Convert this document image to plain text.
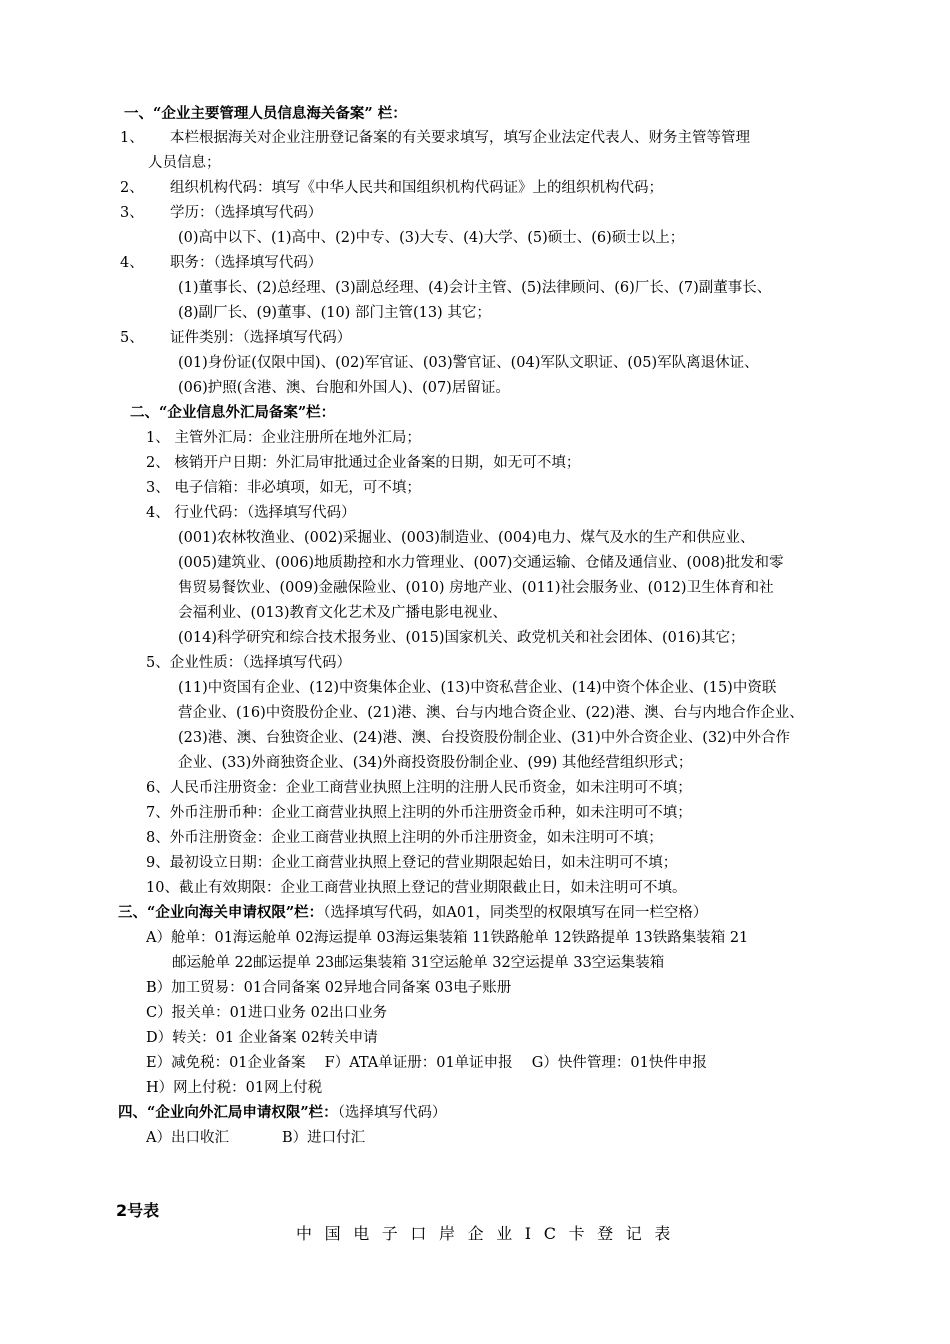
一、“企业主要管理人员信息海关备案” 栏：
1、 本栏根据海关对企业注册登记备案的有关要求填写，填写企业法定代表人、财务主管等管理
人员信息；
2、 组织机构代码：填写《中华人民共和国组织机构代码证》上的组织机构代码；
3、 学历：（选择填写代码）
(0)高中以下、(1)高中、(2)中专、(3)大专、(4)大学、(5)硕士、(6)硕士以上；
4、 职务：（选择填写代码）
(1)董事长、(2)总经理、(3)副总经理、(4)会计主管、(5)法律顾问、(6)厂长、(7)副董事长、
(8)副厂长、(9)董事、(10) 部门主管(13) 其它；
5、 证件类别：（选择填写代码）
(01)身份证(仅限中国)、(02)军官证、(03)警官证、(04)军队文职证、(05)军队离退休证、
(06)护照(含港、澳、台胞和外国人)、(07)居留证。
二、“企业信息外汇局备案”栏：
1、 主管外汇局：企业注册所在地外汇局；
2、 核销开户日期：外汇局审批通过企业备案的日期，如无可不填；
3、 电子信箱：非必填项，如无，可不填；
4、 行业代码：（选择填写代码）
(001)农林牧渔业、(002)采掘业、(003)制造业、(004)电力、煤气及水的生产和供应业、
(005)建筑业、(006)地质勘控和水力管理业、(007)交通运输、仓储及通信业、(008)批发和零
售贸易餐饮业、(009)金融保险业、(010) 房地产业、(011)社会服务业、(012)卫生体育和社
会福利业、(013)教育文化艺术及广播电影电视业、
(014)科学研究和综合技术报务业、(015)国家机关、政党机关和社会团体、(016)其它；
5、企业性质：（选择填写代码）
(11)中资国有企业、(12)中资集体企业、(13)中资私营企业、(14)中资个体企业、(15)中资联
营企业、(16)中资股份企业、(21)港、澳、台与内地合资企业、(22)港、澳、台与内地合作企业、
(23)港、澳、台独资企业、(24)港、澳、台投资股份制企业、(31)中外合资企业、(32)中外合作
企业、(33)外商独资企业、(34)外商投资股份制企业、(99) 其他经营组织形式；
6、人民币注册资金：企业工商营业执照上注明的注册人民币资金，如未注明可不填；
7、外币注册币种：企业工商营业执照上注明的外币注册资金币种，如未注明可不填；
8、外币注册资金：企业工商营业执照上注明的外币注册资金，如未注明可不填；
9、最初设立日期：企业工商营业执照上登记的营业期限起始日，如未注明可不填；
10、截止有效期限：企业工商营业执照上登记的营业期限截止日，如未注明可不填。
三、“企业向海关申请权限”栏：（选择填写代码，如A01，同类型的权限填写在同一栏空格）
A）舱单：01海运舱单 02海运提单 03海运集装箱 11铁路舱单 12铁路提单 13铁路集装箱 21
邮运舱单 22邮运提单 23邮运集装箱 31空运舱单 32空运提单 33空运集装箱
B）加工贸易：01合同备案 02异地合同备案 03电子账册
C）报关单：01进口业务 02出口业务
D）转关：01 企业备案 02转关申请
E）减免税：01企业备案　 F）ATA单证册：01单证申报　 G）快件管理：01快件申报
H）网上付税：01网上付税
四、“企业向外汇局申请权限”栏：（选择填写代码）
A）出口收汇	B）进口付汇
2号表
中国电子口岸企业IC卡登记表
